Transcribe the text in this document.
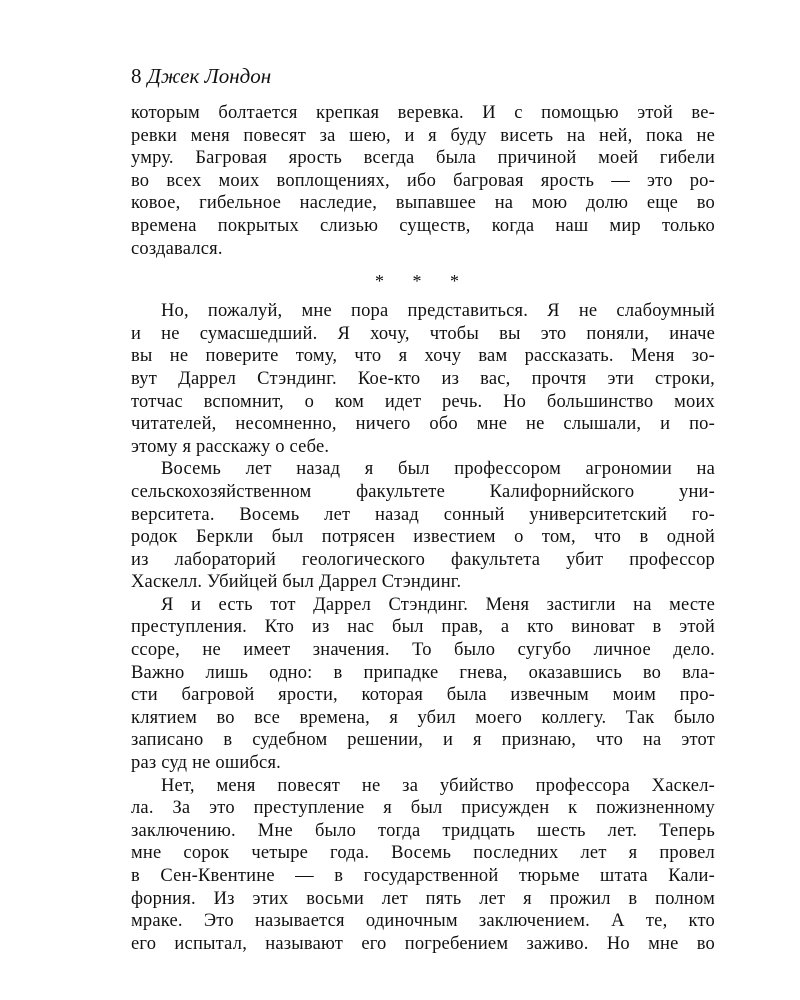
8 Джек Лондон
которым болтается крепкая веревка. И с помощью этой ве-
ревки меня повесят за шею, и я буду висеть на ней, пока не
умру. Багровая ярость всегда была причиной моей гибели
во всех моих воплощениях, ибо багровая ярость — это ро-
ковое, гибельное наследие, выпавшее на мою долю еще во
времена покрытых слизью существ, когда наш мир только
создавался.
* * *
Но, пожалуй, мне пора представиться. Я не слабоумный
и не сумасшедший. Я хочу, чтобы вы это поняли, иначе
вы не поверите тому, что я хочу вам рассказать. Меня зо-
вут Даррел Стэндинг. Кое-кто из вас, прочтя эти строки,
тотчас вспомнит, о ком идет речь. Но большинство моих
читателей, несомненно, ничего обо мне не слышали, и по-
этому я расскажу о себе.
Восемь лет назад я был профессором агрономии на
сельскохозяйственном факультете Калифорнийского уни-
верситета. Восемь лет назад сонный университетский го-
родок Беркли был потрясен известием о том, что в одной
из лабораторий геологического факультета убит профессор
Хаскелл. Убийцей был Даррел Стэндинг.
Я и есть тот Даррел Стэндинг. Меня застигли на месте
преступления. Кто из нас был прав, а кто виноват в этой
ссоре, не имеет значения. То было сугубо личное дело.
Важно лишь одно: в припадке гнева, оказавшись во вла-
сти багровой ярости, которая была извечным моим про-
клятием во все времена, я убил моего коллегу. Так было
записано в судебном решении, и я признаю, что на этот
раз суд не ошибся.
Нет, меня повесят не за убийство профессора Хаскел-
ла. За это преступление я был присужден к пожизненному
заключению. Мне было тогда тридцать шесть лет. Теперь
мне сорок четыре года. Восемь последних лет я провел
в Сен-Квентине — в государственной тюрьме штата Кали-
форния. Из этих восьми лет пять лет я прожил в полном
мраке. Это называется одиночным заключением. А те, кто
его испытал, называют его погребением заживо. Но мне во
